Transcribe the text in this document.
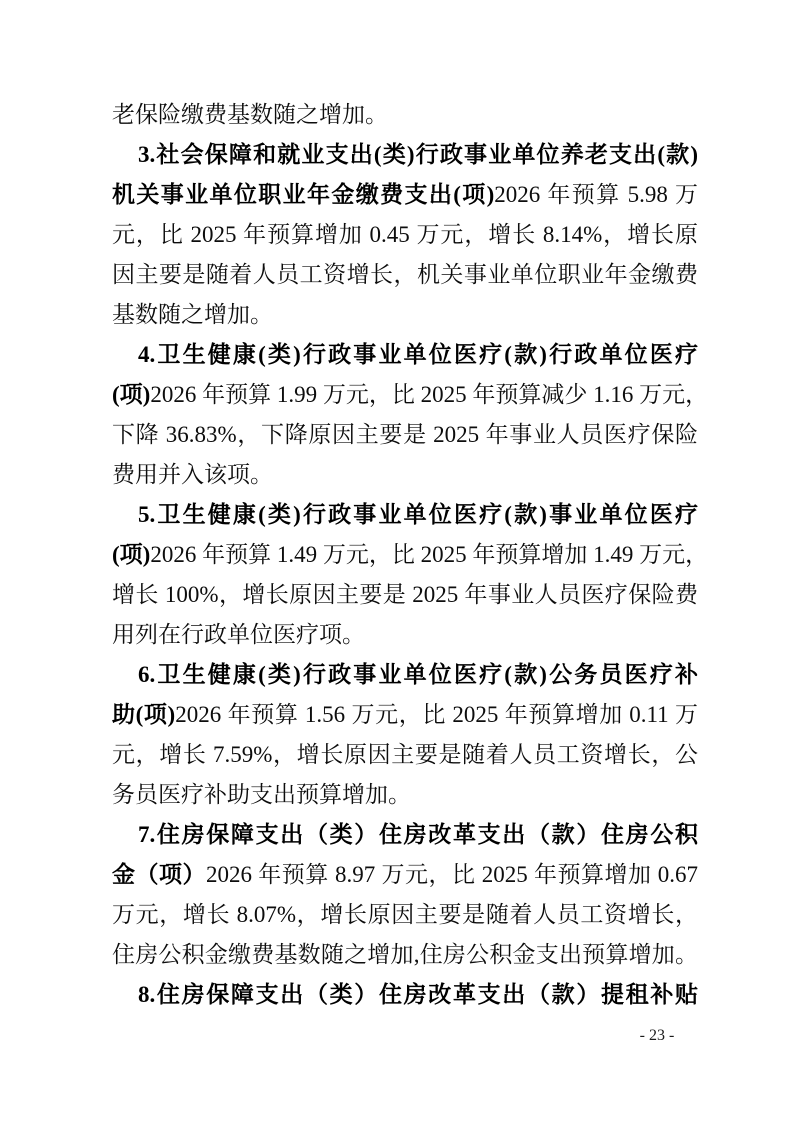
老保险缴费基数随之增加。
3.社会保障和就业支出(类)行政事业单位养老支出(款)
机关事业单位职业年金缴费支出(项)2026 年预算 5.98 万
元，比 2025 年预算增加 0.45 万元，增长 8.14%，增长原
因主要是随着人员工资增长，机关事业单位职业年金缴费
基数随之增加。
4.卫生健康(类)行政事业单位医疗(款)行政单位医疗
(项)2026 年预算 1.99 万元，比 2025 年预算减少 1.16 万元，
下降 36.83%，下降原因主要是 2025 年事业人员医疗保险
费用并入该项。
5.卫生健康(类)行政事业单位医疗(款)事业单位医疗
(项)2026 年预算 1.49 万元，比 2025 年预算增加 1.49 万元，
增长 100%，增长原因主要是 2025 年事业人员医疗保险费
用列在行政单位医疗项。
6.卫生健康(类)行政事业单位医疗(款)公务员医疗补
助(项)2026 年预算 1.56 万元，比 2025 年预算增加 0.11 万
元，增长 7.59%，增长原因主要是随着人员工资增长，公
务员医疗补助支出预算增加。
7.住房保障支出（类）住房改革支出（款）住房公积
金（项）2026 年预算 8.97 万元，比 2025 年预算增加 0.67
万元，增长 8.07%，增长原因主要是随着人员工资增长，
住房公积金缴费基数随之增加,住房公积金支出预算增加。
8.住房保障支出（类）住房改革支出（款）提租补贴
- 23 -
